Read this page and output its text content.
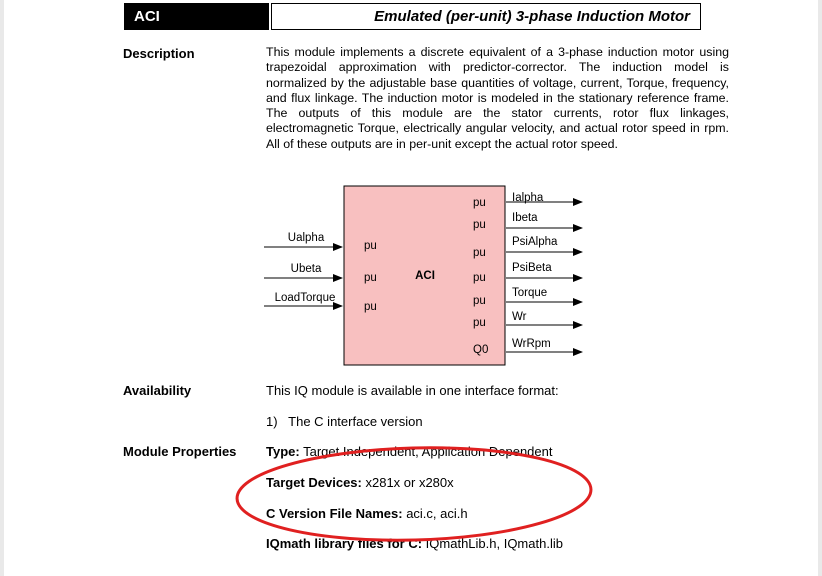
ACI	Emulated (per-unit) 3-phase Induction Motor
Description	This module implements a discrete equivalent of a 3-phase induction motor using trapezoidal approximation with predictor-corrector. The induction model is normalized by the adjustable base quantities of voltage, current, Torque, frequency, and flux linkage. The induction motor is modeled in the stationary reference frame. The outputs of this module are the stator currents, rotor flux linkages, electromagnetic Torque, electrically angular velocity, and actual rotor speed in rpm. All of these outputs are in per-unit except the actual rotor speed.
ACI
Ualpha
pu
Ubeta
pu
LoadTorque
pu
Ialpha
pu
Ibeta
pu
PsiAlpha
pu
PsiBeta
pu
Torque
pu
Wr
pu
WrRpm
Q0
Availability	This IQ module is available in one interface format:
1) The C interface version
Module Properties Type: Target Independent, Application Dependent
Target Devices: x281x or x280x
C Version File Names: aci.c, aci.h
IQmath library files for C: IQmathLib.h, IQmath.lib
